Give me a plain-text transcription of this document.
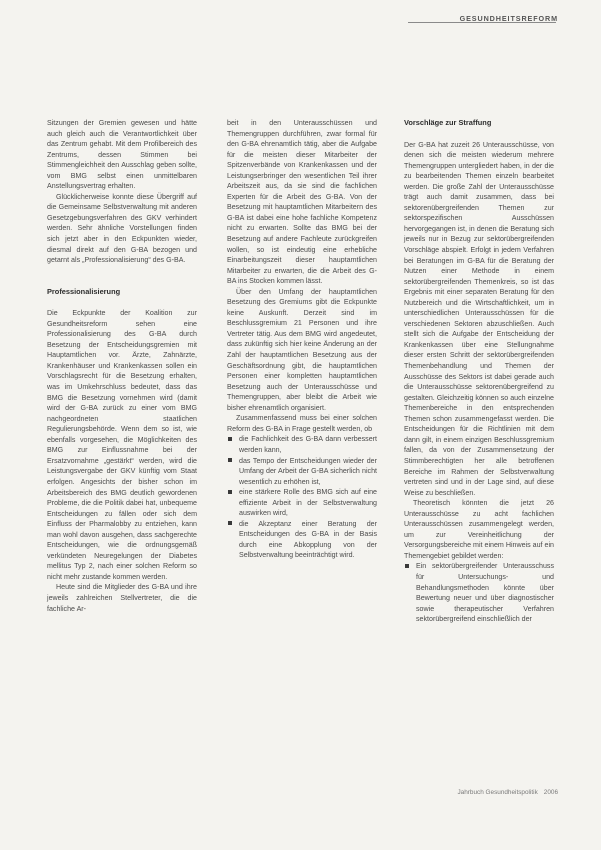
GESUNDHEITSREFORM

Sitzungen der Gremien gewesen und hätte auch gleich auch die Verantwortlichkeit über das Zentrum gehabt. Mit dem Profilbereich des Zentrums, dessen Stimmen bei Stimmengleichheit den Ausschlag geben sollte, vom BMG selbst einen unmittelbaren Anstellungsvertrag erhalten.

Glücklicherweise konnte diese Übergriff auf die Gemeinsame Selbstverwaltung mit anderen Gesetzgebungsverfahren des GKV verhindert werden. Sehr ähnliche Vorstellungen finden sich jetzt aber in den Eckpunkten wieder, diesmal direkt auf den G-BA bezogen und getarnt als „Professionalisierung“ des G-BA.

Professionalisierung

Die Eckpunkte der Koalition zur Gesundheitsreform sehen eine Professionalisierung des G-BA durch Besetzung der Entscheidungsgremien mit Hauptamtlichen vor. Ärzte, Zahnärzte, Krankenhäuser und Krankenkassen sollen ein Vorschlagsrecht für die Besetzung erhalten, was im Umkehrschluss bedeutet, dass das BMG die Besetzung vornehmen wird (damit wird der G-BA zurück zu einer vom BMG nachgeordneten staatlichen Regulierungsbehörde. Wenn dem so ist, wie ebenfalls vorgesehen, die Möglichkeiten des BMG zur Einflussnahme bei der Ersatzvornahme „gestärkt“ werden, wird die Leistungsvergabe der GKV künftig vom Staat erfolgen. Angesichts der bisher schon im Arbeitsbereich des BMG deutlich gewordenen Probleme, die die Politik dabei hat, unbequeme Entscheidungen zu fällen oder sich dem Einfluss der Pharmalobby zu entziehen, kann man wohl davon ausgehen, dass sachgerechte Entscheidungen, wie die ordnungsgemäß verkündeten Neuregelungen der Diabetes mellitus Typ 2, nach einer solchen Reform so nicht mehr zustande kommen werden.

Heute sind die Mitglieder des G-BA und ihre jeweils zahlreichen Stellvertreter, die die fachliche Ar-

beit in den Unterausschüssen und Themengruppen durchführen, zwar formal für den G-BA ehrenamtlich tätig, aber die Aufgabe für die meisten dieser Mitarbeiter der Spitzenverbände von Krankenkassen und der Leistungserbringer den wesentlichen Teil ihrer Arbeitszeit aus, da sie sind die fachlichen Experten für die Arbeit des G-BA. Von der Besetzung mit hauptamtlichen Mitarbeitern des G-BA ist dabei eine hohe fachliche Kompetenz nicht zu erwarten. Sollte das BMG bei der Besetzung auf andere Fachleute zurückgreifen wollen, so ist eindeutig eine erhebliche Einarbeitungszeit dieser hauptamtlichen Mitarbeiter zu erwarten, die die Arbeit des G-BA ins Stocken kommen lässt.

Über den Umfang der hauptamtlichen Besetzung des Gremiums gibt die Eckpunkte keine Auskunft. Derzeit sind im Beschlussgremium 21 Personen und ihre Vertreter tätig. Aus dem BMG wird angedeutet, dass zukünftig sich hier keine Änderung an der Zahl der hauptamtlichen Besetzung aus der Geschäftsordnung gibt, die hauptamtlichen Personen einer kompletten hauptamtlichen Besetzung auch der Unterausschüsse und Themengruppen, aber bleibt die Arbeit wie bisher ehrenamtlich organisiert.

Zusammenfassend muss bei einer solchen Reform des G-BA in Frage gestellt werden, ob

die Fachlichkeit des G-BA dann verbessert werden kann,
das Tempo der Entscheidungen wieder der Umfang der Arbeit der G-BA sicherlich nicht wesentlich zu erhöhen ist,
eine stärkere Rolle des BMG sich auf eine effiziente Arbeit in der Selbstverwaltung auswirken wird,
die Akzeptanz einer Beratung der Entscheidungen des G-BA in der Basis durch eine Abkopplung von der Selbstverwaltung beeinträchtigt wird.

Vorschläge zur Straffung

Der G-BA hat zuzeit 26 Unterausschüsse, von denen sich die meisten wiederum mehrere Themengruppen untergliedert haben, in der die zu bearbeitenden Themen einzeln bearbeitet werden. Die große Zahl der Unterausschüsse trägt auch damit zusammen, dass bei sektorenübergreifenden Themen zur sektorspezifischen Ausschüssen hervorgegangen ist, in denen die Beratung sich jeweils nur in Bezug zur sektorübergreifenden Vorschläge abspielt. Erfolgt in jedem Verfahren bei Beratungen im G-BA für die Beratung der Nutzen einer Methode in einem sektorübergreifenden Themenkreis, so ist das Ergebnis mit einer separaten Beratung für den Nutzbereich und die Wirtschaftlichkeit, um in unterschiedlichen Unterausschüssen für die verschiedenen Sektoren abzuschließen. Auch stellt sich die Aufgabe der Entscheidung der Krankenkassen über eine Stellungnahme dieser ersten Schritt der sektorübergreifenden Themenbehandlung und Themen der Ausschüsse des Sektors ist dabei gerade auch die Unterausschüsse sektorenübergreifend zu gestalten. Gleichzeitig können so auch einzelne Themenbereiche in den entsprechenden Themen schon zusammengefasst werden. Die Entscheidungen für die Richtlinien mit dem dann gilt, in einem einzigen Beschlussgremium fallen, da von der Zusammensetzung der Stimmberechtigten her alle betroffenen Bereiche im Rahmen der Selbstverwaltung vertreten sind und in der Lage sind, auf diese Weise zu beschließen.

Theoretisch könnten die jetzt 26 Unterausschüsse zu acht fachlichen Unterausschüssen zusammengelegt werden, um zur Vereinheitlichung der Versorgungsbereiche mit einem Hinweis auf ein Themengebiet gebildet werden:

Ein sektorübergreifender Unterausschuss für Untersuchungs- und Behandlungsmethoden könnte über Bewertung neuer und über diagnostischer sowie therapeutischer Verfahren sektorübergreifend einschließlich der
Jahrbuch Gesundheitspolitik 2006
